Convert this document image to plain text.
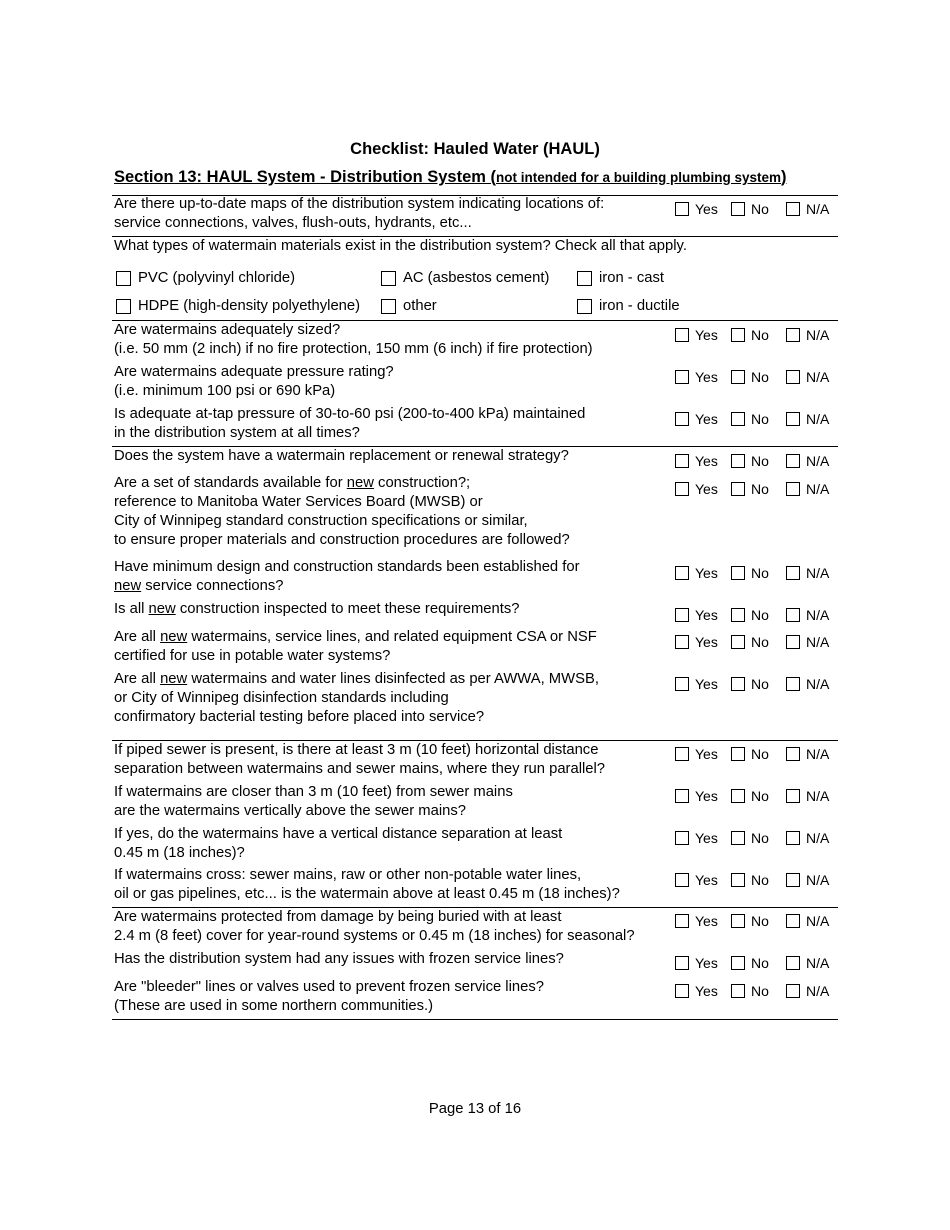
Checklist: Hauled Water (HAUL)
Section 13: HAUL System - Distribution System (not intended for a building plumbing system)
Are there up-to-date maps of the distribution system indicating locations of:
service connections, valves, flush-outs, hydrants, etc...
Yes No	N/A
What types of watermain materials exist in the distribution system? Check all that apply.
PVC (polyvinyl chloride)	AC (asbestos cement)	iron - cast
HDPE (high-density polyethylene)	other	iron - ductile
Are watermains adequately sized?
(i.e. 50 mm (2 inch) if no fire protection, 150 mm (6 inch) if fire protection)
Yes No	N/A
Are watermains adequate pressure rating?
(i.e. minimum 100 psi or 690 kPa)
Yes No	N/A
Is adequate at-tap pressure of 30-to-60 psi (200-to-400 kPa) maintained
in the distribution system at all times?
Yes No	N/A
Does the system have a watermain replacement or renewal strategy?	Yes No	N/A
Are a set of standards available for new construction?;
reference to Manitoba Water Services Board (MWSB) or
City of Winnipeg standard construction specifications or similar,
to ensure proper materials and construction procedures are followed?
Yes No	N/A
Have minimum design and construction standards been established for
new service connections?
Yes No	N/A
Is all new construction inspected to meet these requirements?	Yes No	N/A
Are all new watermains, service lines, and related equipment CSA or NSF
certified for use in potable water systems?
Yes No	N/A
Are all new watermains and water lines disinfected as per AWWA, MWSB,
or City of Winnipeg disinfection standards including
confirmatory bacterial testing before placed into service?
Yes No	N/A
If piped sewer is present, is there at least 3 m (10 feet) horizontal distance
separation between watermains and sewer mains, where they run parallel?
Yes No	N/A
If watermains are closer than 3 m (10 feet) from sewer mains
are the watermains vertically above the sewer mains?
Yes No	N/A
If yes, do the watermains have a vertical distance separation at least
0.45 m (18 inches)?
Yes No	N/A
If watermains cross: sewer mains, raw or other non-potable water lines,
oil or gas pipelines, etc... is the watermain above at least 0.45 m (18 inches)?
Yes No	N/A
Are watermains protected from damage by being buried with at least
2.4 m (8 feet) cover for year-round systems or 0.45 m (18 inches) for seasonal?
Yes No	N/A
Has the distribution system had any issues with frozen service lines?	Yes No	N/A
Are "bleeder" lines or valves used to prevent frozen service lines?
(These are used in some northern communities.)
Yes No	N/A
Page 13 of 16
